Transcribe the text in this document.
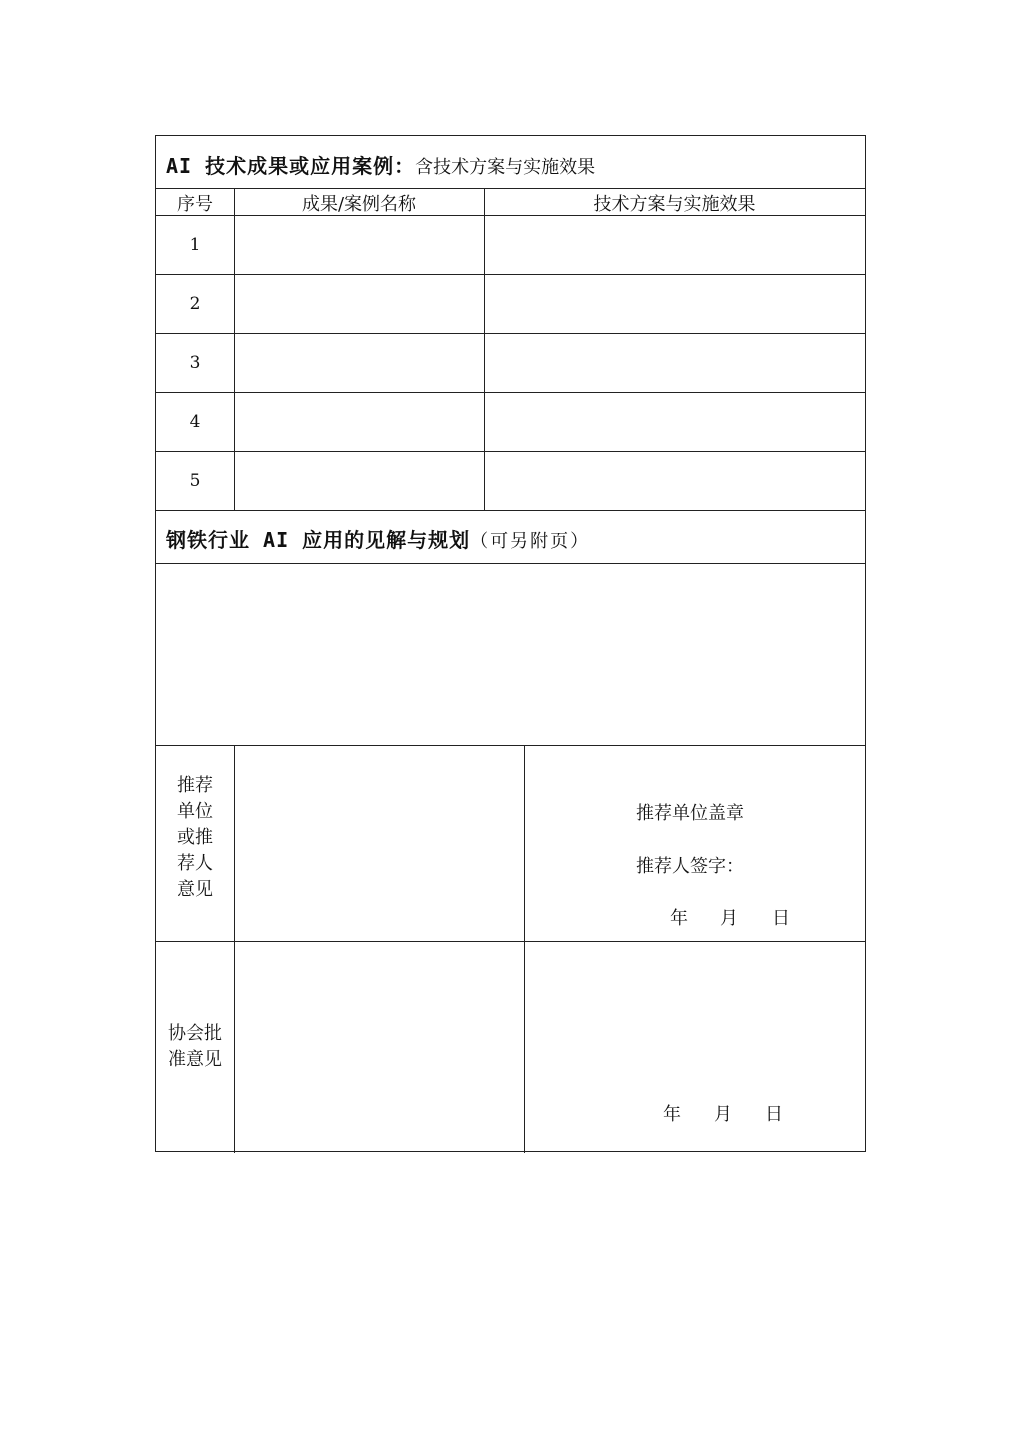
AI 技术成果或应用案例：含技术方案与实施效果
序号	成果/案例名称	技术方案与实施效果
1
2
3
4
5
钢铁行业 AI 应用的见解与规划（可另附页）
推荐
单位
或推
荐人
意见
推荐单位盖章
推荐人签字：
年 月 日
协会批
准意见
年 月 日
